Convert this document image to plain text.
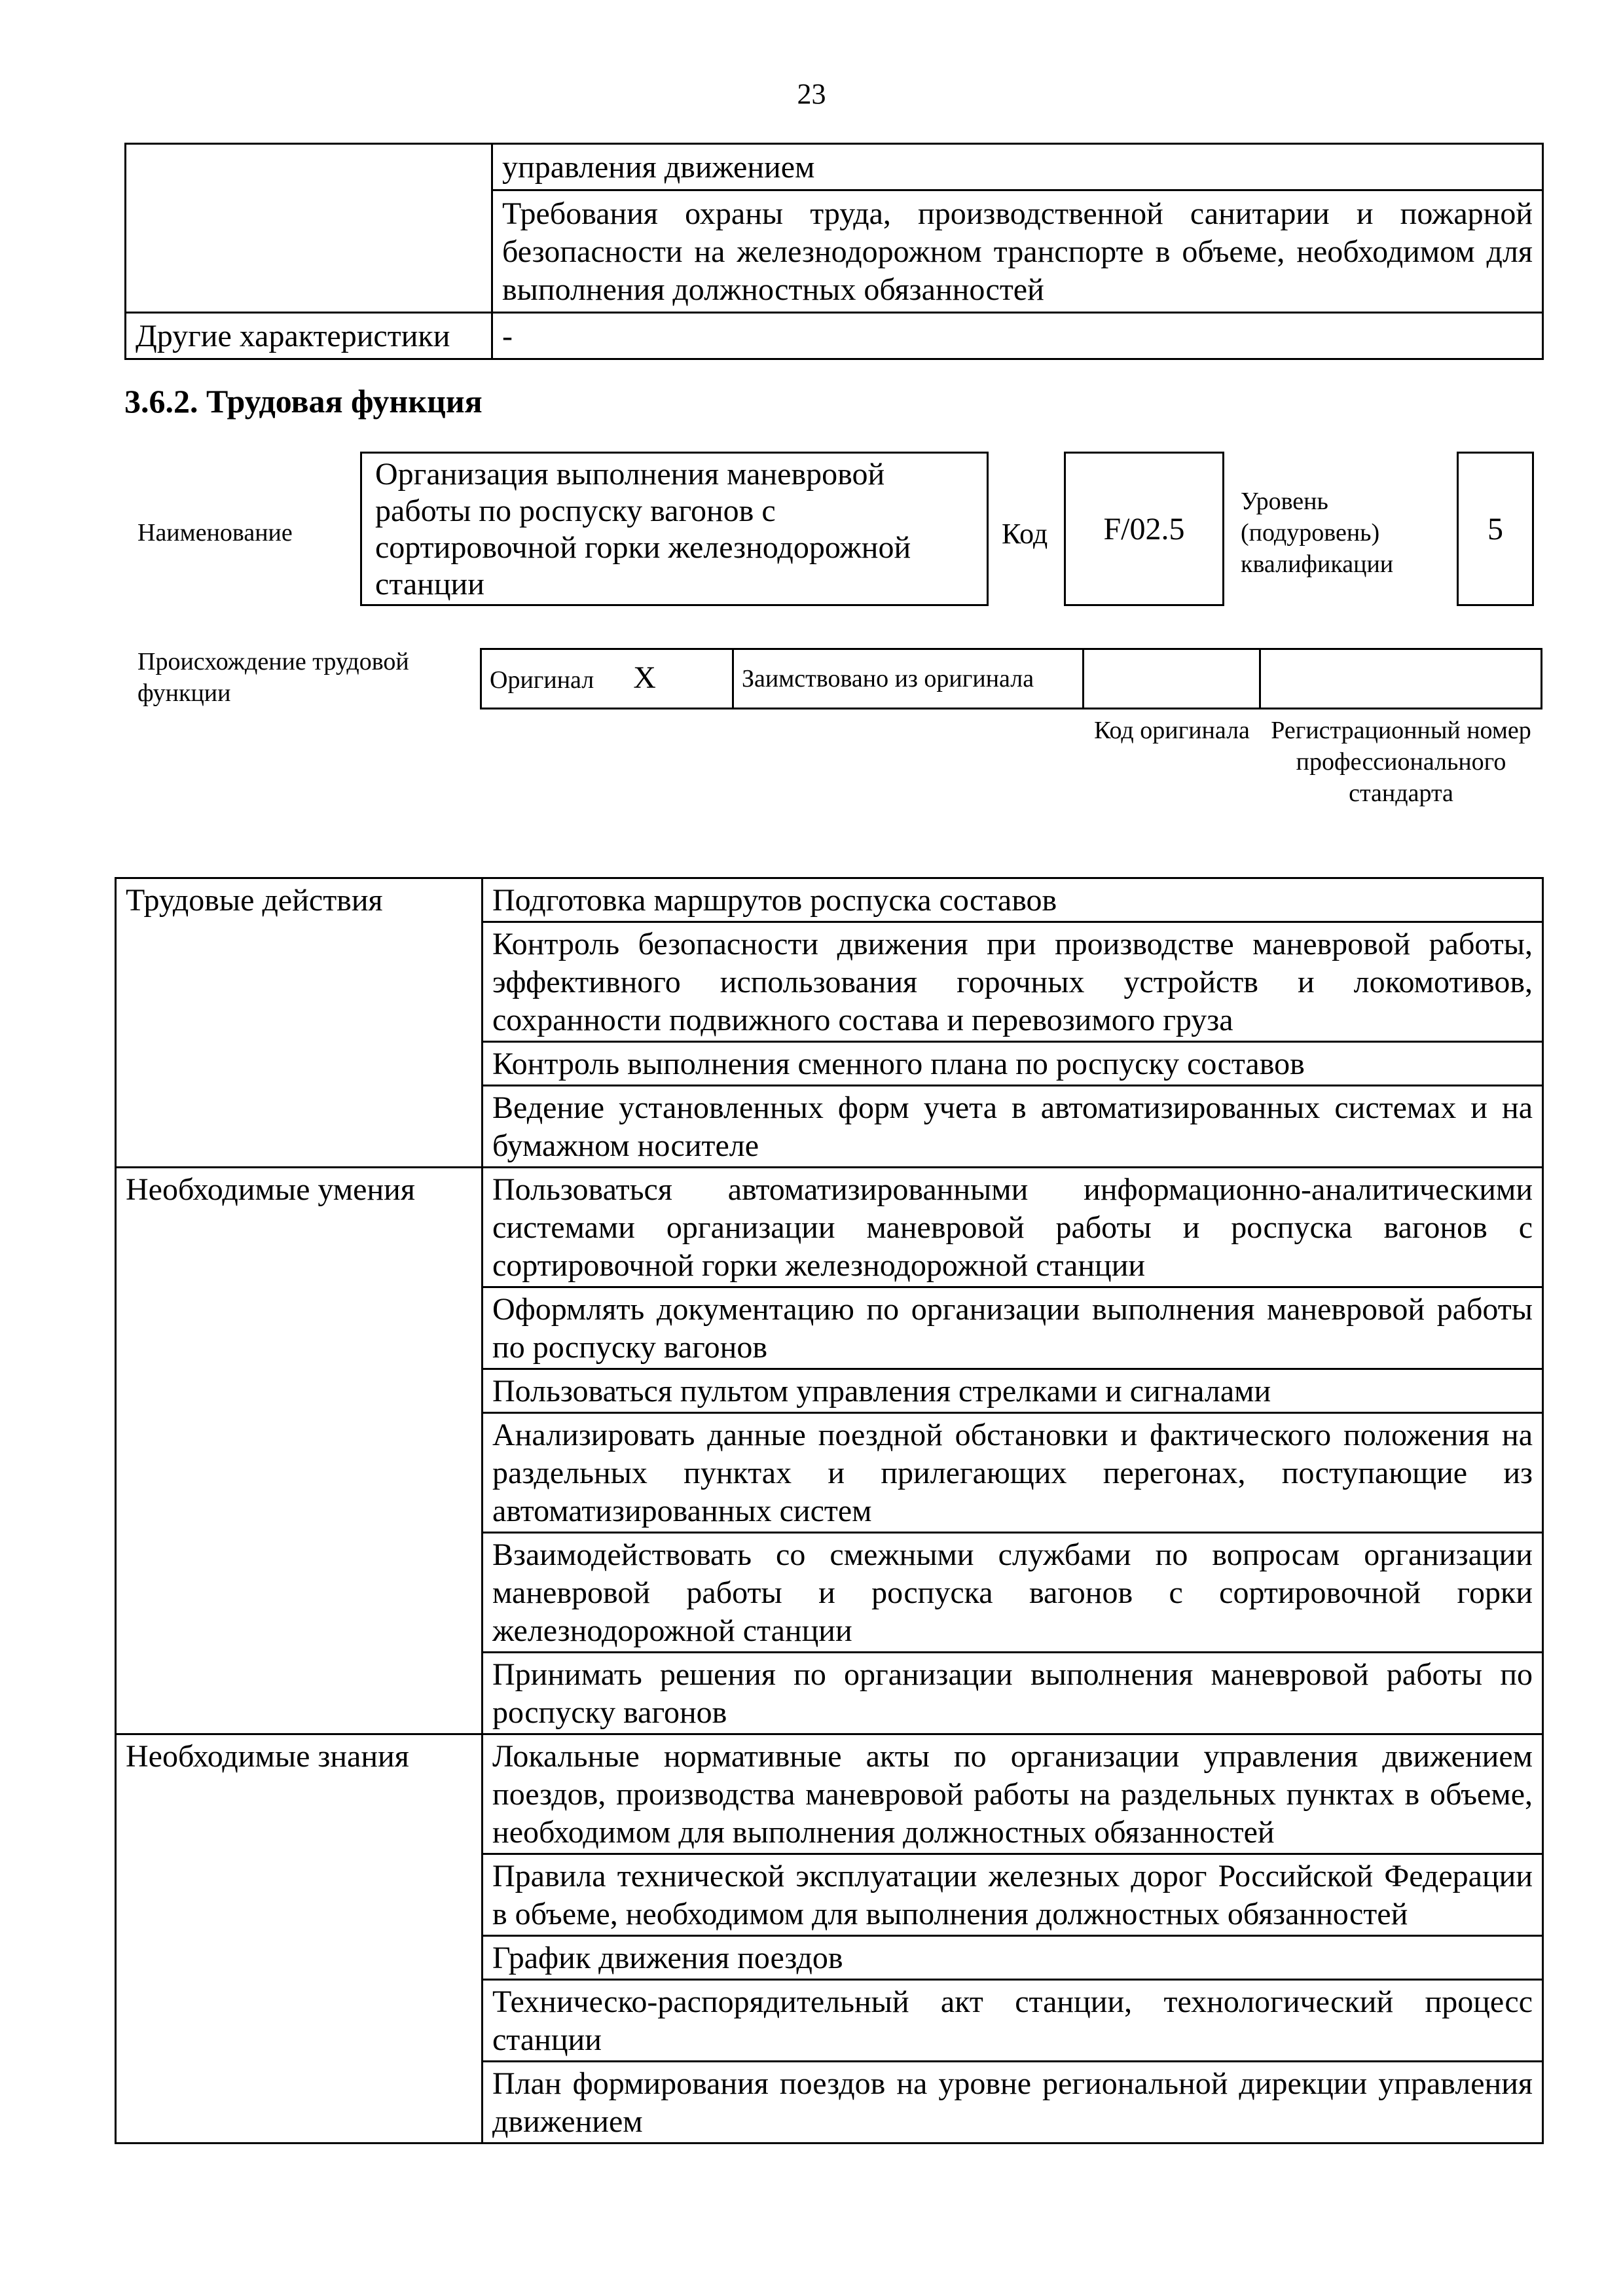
23
	управления движением
	Требования охраны труда, производственной санитарии и пожарной безопасности на железнодорожном транспорте в объеме, необходимом для выполнения должностных обязанностей
Другие характеристики	-
3.6.2. Трудовая функция
Наименование
Организация выполнения маневровой работы по роспуску вагонов с сортировочной горки железнодорожной станции
Код	F/02.5
Уровень (подуровень) квалификации
5
Происхождение трудовой функции	Оригинал X	Заимствовано из оригинала		
Код оригинала Регистрационный номер профессионального стандарта
Трудовые действия	Подготовка маршрутов роспуска составов
	Контроль безопасности движения при производстве маневровой работы, эффективного использования горочных устройств и локомотивов, сохранности подвижного состава и перевозимого груза
	Контроль выполнения сменного плана по роспуску составов
	Ведение установленных форм учета в автоматизированных системах и на бумажном носителе
Необходимые умения	Пользоваться автоматизированными информационно-аналитическими системами организации маневровой работы и роспуска вагонов с сортировочной горки железнодорожной станции
	Оформлять документацию по организации выполнения маневровой работы по роспуску вагонов
	Пользоваться пультом управления стрелками и сигналами
	Анализировать данные поездной обстановки и фактического положения на раздельных пунктах и прилегающих перегонах, поступающие из автоматизированных систем
	Взаимодействовать со смежными службами по вопросам организации маневровой работы и роспуска вагонов с сортировочной горки железнодорожной станции
	Принимать решения по организации выполнения маневровой работы по роспуску вагонов
Необходимые знания	Локальные нормативные акты по организации управления движением поездов, производства маневровой работы на раздельных пунктах в объеме, необходимом для выполнения должностных обязанностей
	Правила технической эксплуатации железных дорог Российской Федерации в объеме, необходимом для выполнения должностных обязанностей
	График движения поездов
	Техническо-распорядительный акт станции, технологический процесс станции
	План формирования поездов на уровне региональной дирекции управления движением
